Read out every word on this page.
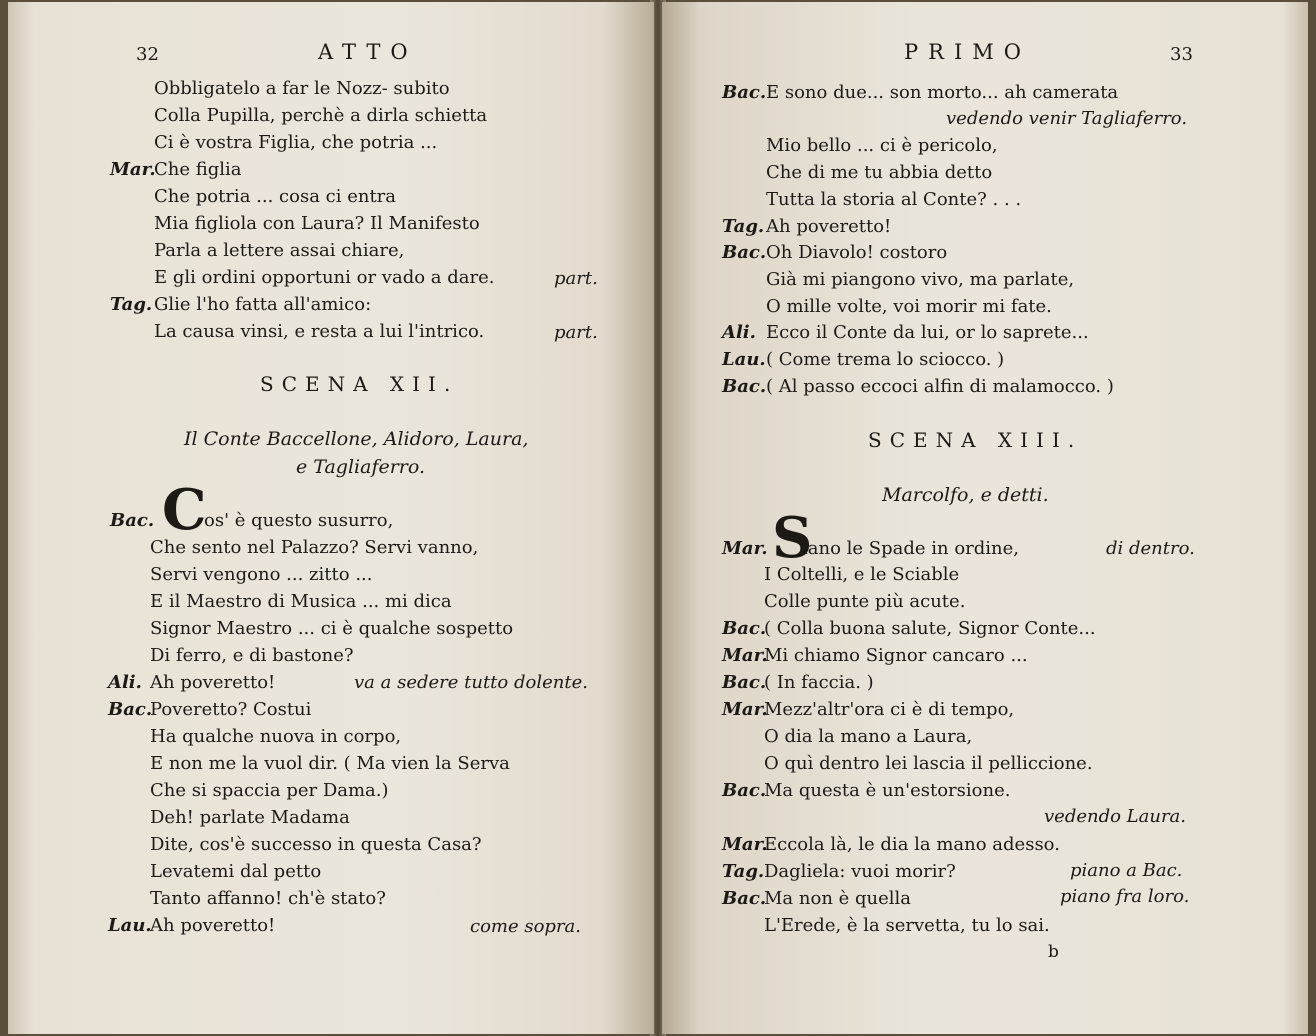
32	ATTO
Obbligatelo a far le Nozz- subito
Colla Pupilla, perchè a dirla schietta
Ci è vostra Figlia, che potria ...
Mar.
Che figlia
Che potria ... cosa ci entra
Mia figliola con Laura? Il Manifesto
Parla a lettere assai chiare,
E gli ordini opportuni or vado a dare.
Tag. Glie l'ho fatta all'amico:
La causa vinsi, e resta a lui l'intrico.
part.
part.
SCENA XII.
Il Conte Baccellone, Alidoro, Laura,
e Tagliaferro.
Bac. C
os' è questo susurro,
Che sento nel Palazzo? Servi vanno,
Servi vengono ... zitto ...
E il Maestro di Musica ... mi dica
Signor Maestro ... ci è qualche sospetto
Di ferro, e di bastone?
Ali. Ah poveretto!
Bac.
Poveretto? Costui
Ha qualche nuova in corpo,
E non me la vuol dir. ( Ma vien la Serva
Che si spaccia per Dama.)
Deh! parlate Madama
Dite, cos'è successo in questa Casa?
Levatemi dal petto
Tanto affanno! ch'è stato?
Lau.
Ah poveretto!
va a sedere tutto dolente.
come sopra.
PRIMO	33
Bac. E sono due... son morto... ah camerata
Mio bello ... ci è pericolo,
Che di me tu abbia detto
Tutta la storia al Conte? . . .
Tag. Ah poveretto!
Bac. Oh Diavolo! costoro
Già mi piangono vivo, ma parlate,
O mille volte, voi morir mi fate.
Ali. Ecco il Conte da lui, or lo saprete...
Lau. ( Come trema lo sciocco. )
Bac. ( Al passo eccoci alfin di malamocco. )
vedendo venir Tagliaferro.
SCENA XIII.
Marcolfo, e detti.
Mar. S
iano le Spade in ordine,	di dentro.
I Coltelli, e le Sciable
Colle punte più acute.
Bac.
( Colla buona salute, Signor Conte...
Mar.
Mi chiamo Signor cancaro ...
Bac.
( In faccia. )
Mar.
Mezz'altr'ora ci è di tempo,
O dia la mano a Laura,
O quì dentro lei lascia il pelliccione.
Bac.
Ma questa è un'estorsione.
Mar.
Eccola là, le dia la mano adesso.
Tag. Dagliela: vuoi morir?
Bac.
Ma non è quella
L'Erede, è la servetta, tu lo sai.
vedendo Laura.
piano a Bac.
piano fra loro.
b
